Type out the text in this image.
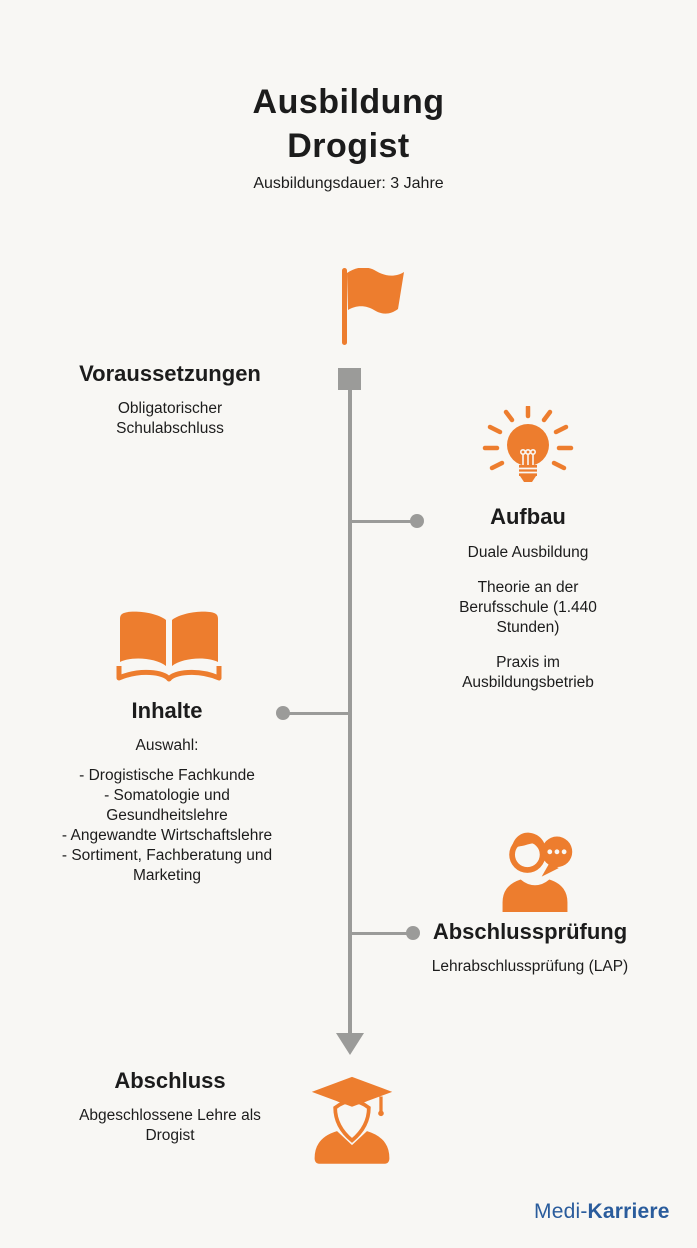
Ausbildung
Drogist
Ausbildungsdauer: 3 Jahre
Voraussetzungen
Obligatorischer Schulabschluss
Aufbau
Duale Ausbildung
Theorie an der Berufsschule (1.440 Stunden)
Praxis im Ausbildungsbetrieb
Inhalte
Auswahl:
- Drogistische Fachkunde
- Somatologie und Gesundheitslehre
- Angewandte Wirtschaftslehre
- Sortiment, Fachberatung und Marketing
Abschlussprüfung
Lehrabschlussprüfung (LAP)
Abschluss
Abgeschlossene Lehre als Drogist
Medi-Karriere
